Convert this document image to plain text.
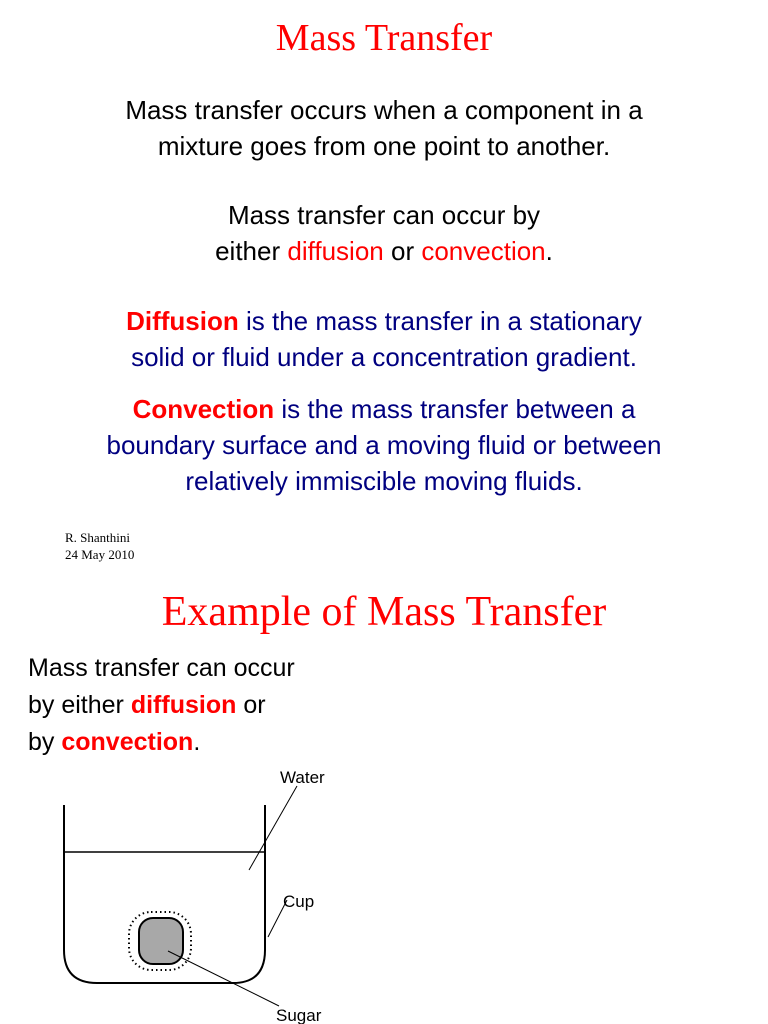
Mass Transfer

Mass transfer occurs when a component in a
mixture goes from one point to another.

Mass transfer can occur by
either diffusion or convection.

Diffusion is the mass transfer in a stationary
solid or fluid under a concentration gradient.

Convection is the mass transfer between a
boundary surface and a moving fluid or between
relatively immiscible moving fluids.

R. Shanthini
24 May 2010

Example of Mass Transfer

Mass transfer can occur
by either diffusion or
by convection.

Water
Cup
Sugar
